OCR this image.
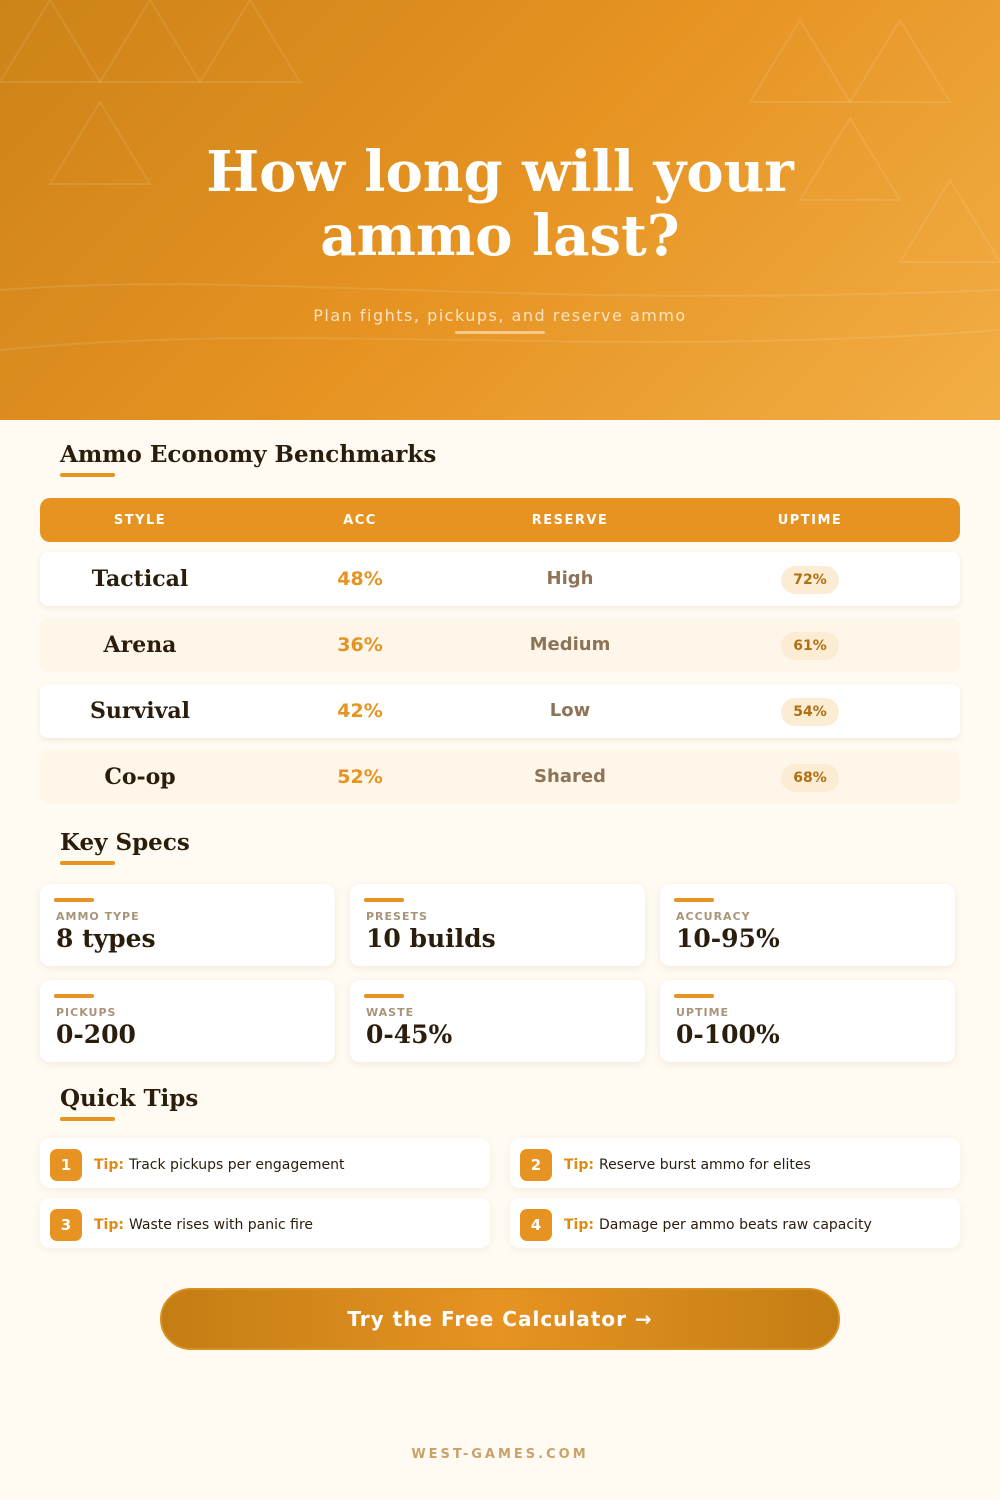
How long will your
ammo last?
Plan fights, pickups, and reserve ammo
Ammo Economy Benchmarks
STYLE	ACC	RESERVE	UPTIME
Tactical	48%	High	72%
Arena	36%	Medium	61%
Survival	42%	Low	54%
Co-op	52%	Shared	68%
Key Specs
AMMO TYPE
8 types
PRESETS
10 builds
ACCURACY
10-95%
PICKUPS
0-200
WASTE
0-45%
UPTIME
0-100%
Quick Tips
1	Tip: Track pickups per engagement	2	Tip: Reserve burst ammo for elites
3	Tip: Waste rises with panic fire	4	Tip: Damage per ammo beats raw capacity
Try the Free Calculator →
WEST-GAMES.COM
